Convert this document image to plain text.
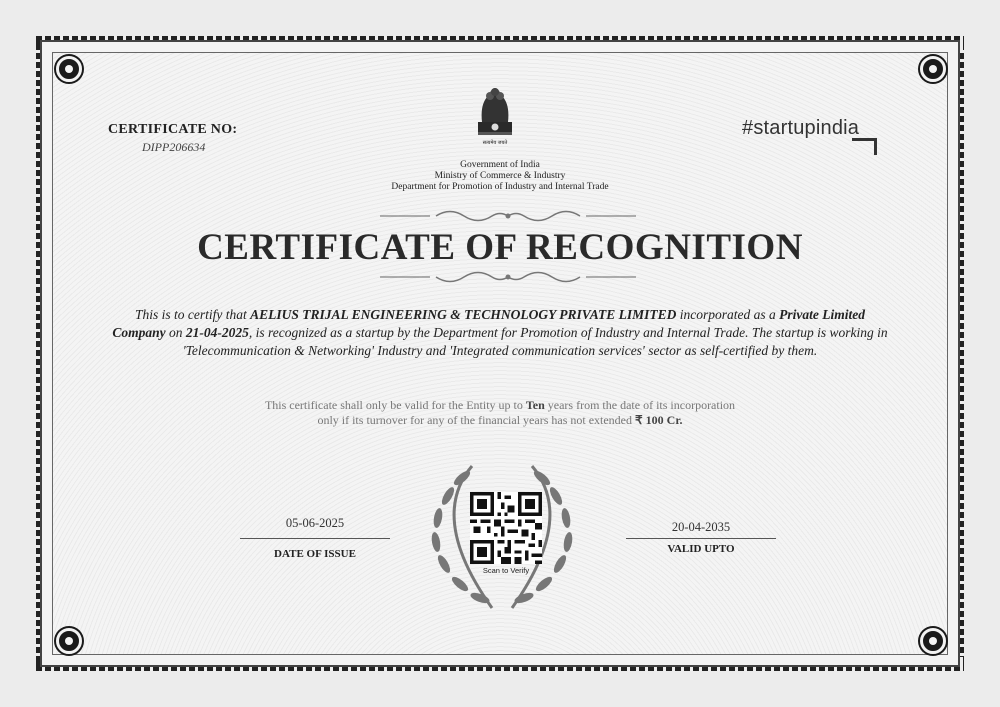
CERTIFICATE NO:
DIPP206634	सत्यमेव जयते
Government of India
Ministry of Commerce & Industry
Department for Promotion of Industry and Internal Trade
#startupindia
CERTIFICATE OF RECOGNITION
This is to certify that AELIUS TRIJAL ENGINEERING & TECHNOLOGY PRIVATE LIMITED incorporated as a Private Limited Company on 21-04-2025, is recognized as a startup by the Department for Promotion of Industry and Internal Trade. The startup is working in 'Telecommunication & Networking' Industry and 'Integrated communication services' sector as self-certified by them.
This certificate shall only be valid for the Entity up to Ten years from the date of its incorporation
only if its turnover for any of the financial years has not extended ₹ 100 Cr.
05-06-2025
DATE OF ISSUE
20-04-2035
VALID UPTO
Scan to Verify
